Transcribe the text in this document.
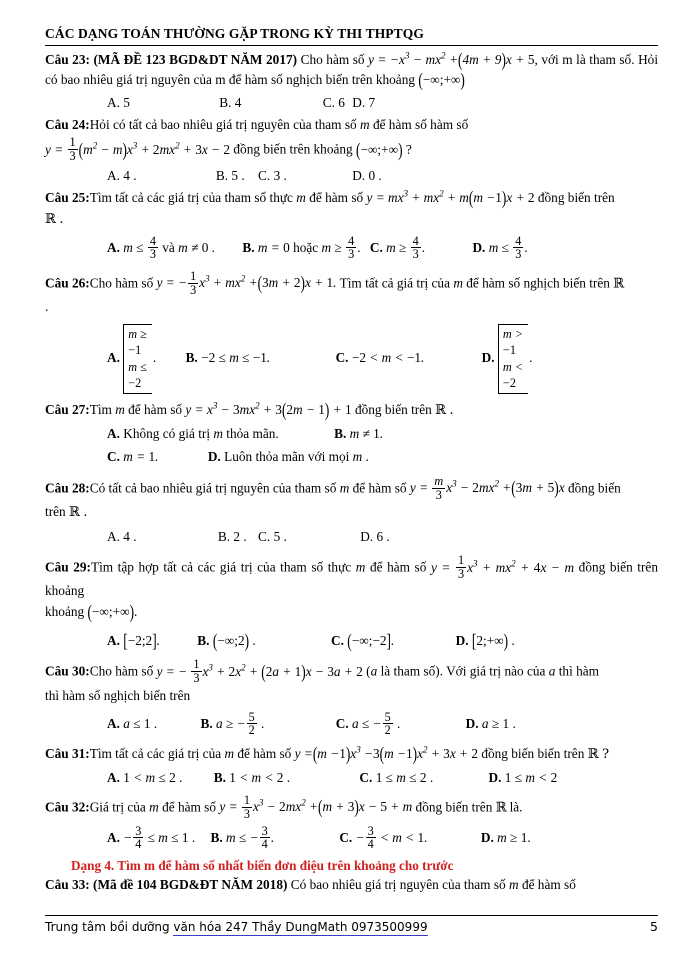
CÁC DẠNG TOÁN THƯỜNG GẶP TRONG KỲ THI THPTQG
Câu 23: (MÃ ĐỀ 123 BGD&DT NĂM 2017) Cho hàm số $y = -x^3 - mx^2 +(4m + 9)x + 5$, với m là tham số. Hỏi có bao nhiêu giá trị nguyên của m để hàm số nghịch biến trên khoảng (−∞;+∞)
A. 5	B. 4	C. 6 D. 7
Câu 24:Hỏi có tất cả bao nhiêu giá trị nguyên của tham số m để hàm số hàm số
$y = \frac{1}{3} (m^2 - m)x^3 + 2mx^2 + 3x - 2$ đồng biến trên khoảng (−∞;+∞) ?
A. 4 .	B. 5 . C. 3 .	D. 0 .
Câu 25:Tìm tất cả các giá trị của tham số thực m để hàm số $y = mx^3 + mx^2 + m(m -1)x + 2$ đồng biến trên
ℝ .
A. $m \le \frac{4}{3}$ và m ≠ 0 . B. m = 0 hoặc $m \ge \frac{4}{3}$ . C. $m \ge \frac{4}{3}$ .	D. $m \le \frac{4}{3}$ .
Câu 26:Cho hàm số y = − $\frac{1}{3} x^3 + mx^2 +(3m + 2)x + 1$. Tìm tất cả giá trị của m để hàm số nghịch biến trên ℝ
.
A.
m ≥
−1
m ≤
−2
. B. −2 ≤ m ≤ −1.	C. −2 < m < −1.	D.
m >
−1
m <
−2
.
Câu 27:Tìm m để hàm số $y = x^3 - 3mx^2 + 3(2m - 1) + 1$ đồng biến trên ℝ .
A. Không có giá trị m thỏa mãn.	B. m ≠ 1.
C. m = 1.	D. Luôn thỏa mãn với mọi m .
Câu 28:Có tất cả bao nhiêu giá trị nguyên của tham số m để hàm số $y = \frac{m}{3} x^3 - 2mx^2 +(3m + 5)x$ đồng biến
trên ℝ .
A. 4 .	B. 2 . C. 5 .	D. 6 .
Câu 29:Tìm tập hợp tất cả các giá trị của tham số thực m để hàm số $y = \frac{1}{3} x^3 + mx^2 + 4x - m$ đồng biến trên khoảng
khoảng (−∞;+∞).
A. [−2;2].	B. (−∞;2) .	C. (−∞;−2].	D. [2;+∞) .
Câu 30:Cho hàm số y = − $\frac{1}{3} x^3 + 2x^2 + (2a + 1)x - 3a + 2$ (a là tham số). Với giá trị nào của a thì hàm
thì hàm số nghịch biến trên
A. a ≤ 1 .	B. a ≥ − $\frac{5}{2}$ .	C. a ≤ − $\frac{5}{2}$ .	D. a ≥ 1 .
Câu 31:Tìm tất cả các giá trị của m để hàm số $y =(m -1)x^3 -3(m -1)x^2 + 3x + 2$ đồng biến biến trên ℝ ?
A. 1 < m ≤ 2 . B. 1 < m < 2 .	C. 1 ≤ m ≤ 2 .	D. 1 ≤ m < 2
Câu 32:Giá trị của m để hàm số $y = \frac{1}{3} x^3 - 2mx^2 +(m + 3)x - 5 + m$ đồng biến trên ℝ là.
A. − $\frac{3}{4} \le m \le 1$ . B. m ≤ − $\frac{3}{4}$ .	C. − $\frac{3}{4} < m < 1$.	D. m ≥ 1.
Dạng 4. Tìm m để hàm số nhất biến đơn điệu trên khoảng cho trước
Câu 33: (Mã đề 104 BGD&ĐT NĂM 2018) Có bao nhiêu giá trị nguyên của tham số m để hàm số
Trung tâm bồi dưỡng văn hóa 247 Thầy DungMath 0973500999	5
